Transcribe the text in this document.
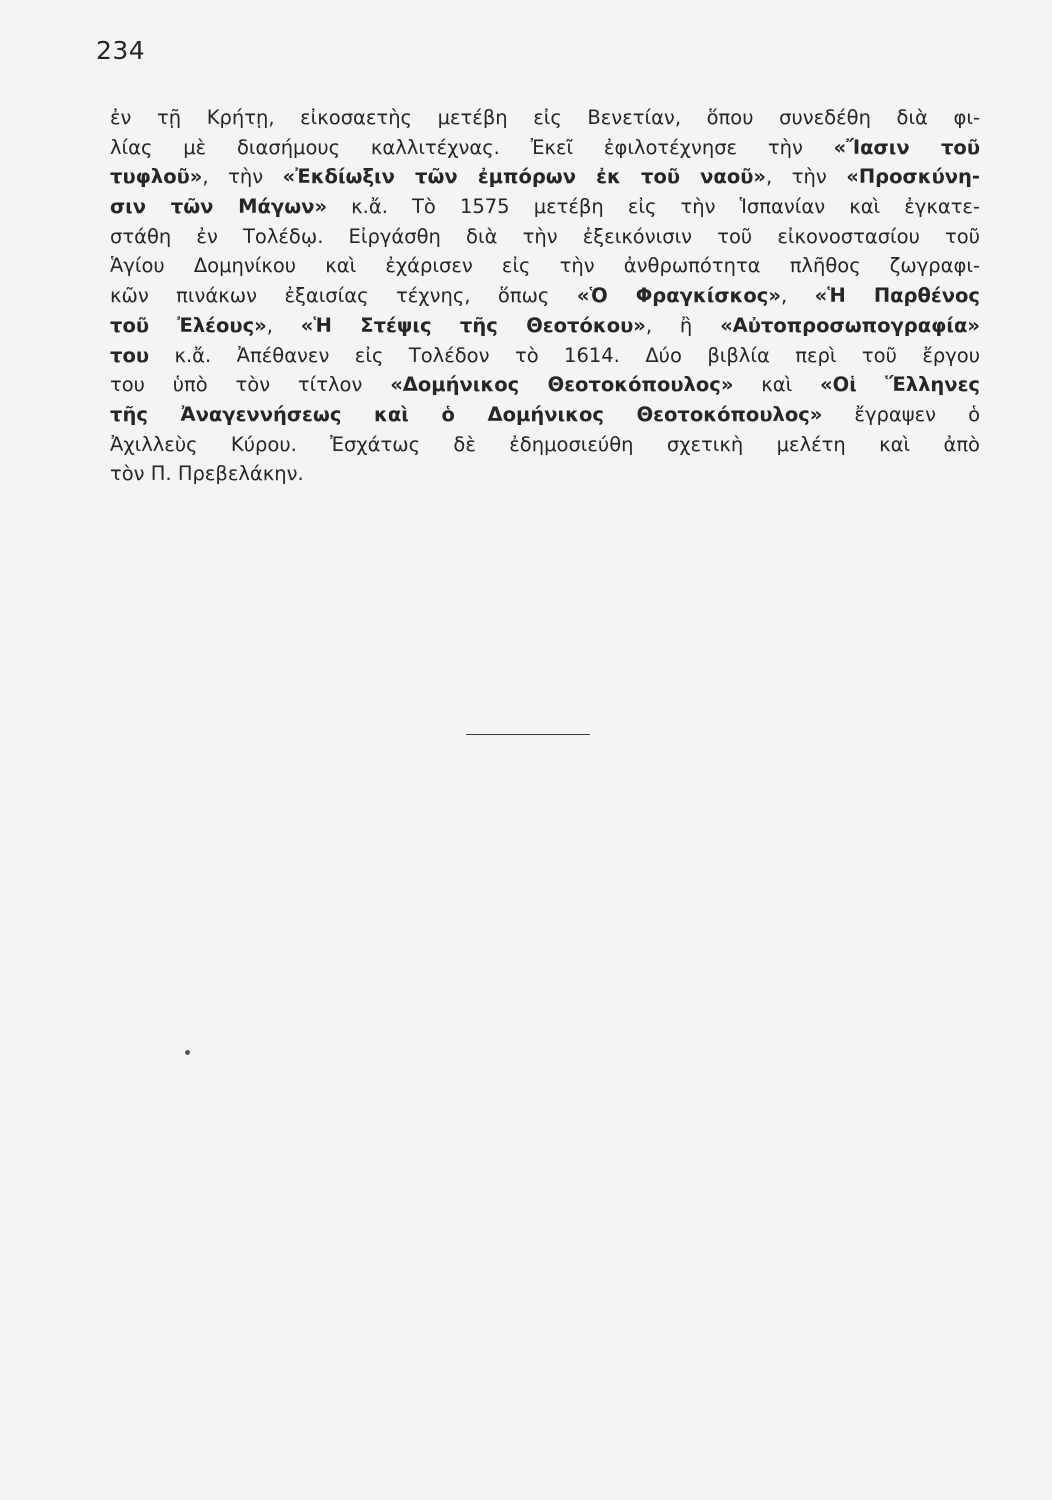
234
ἐν τῇ Κρήτῃ, εἰκοσαετὴς μετέβη εἰς Βενετίαν, ὅπου συνεδέθη διὰ φι-
λίας μὲ διασήμους καλλιτέχνας. Ἐκεῖ ἐφιλοτέχνησε τὴν «Ἴασιν τοῦ
τυφλοῦ», τὴν «Ἐκδίωξιν τῶν ἐμπόρων ἐκ τοῦ ναοῦ», τὴν «Προσκύνη-
σιν τῶν Μάγων» κ.ἄ. Τὸ 1575 μετέβη εἰς τὴν Ἱσπανίαν καὶ ἐγκατε-
στάθη ἐν Τολέδῳ. Εἰργάσθη διὰ τὴν ἐξεικόνισιν τοῦ εἰκονοστασίου τοῦ
Ἁγίου Δομηνίκου καὶ ἐχάρισεν εἰς τὴν ἀνθρωπότητα πλῆθος ζωγραφι-
κῶν πινάκων ἐξαισίας τέχνης, ὅπως «Ὁ Φραγκίσκος», «Ἡ Παρθένος
τοῦ Ἐλέους», «Ἡ Στέψις τῆς Θεοτόκου», ἢ «Αὐτοπροσωπογραφία»
του κ.ἄ. Ἀπέθανεν εἰς Τολέδον τὸ 1614. Δύο βιβλία περὶ τοῦ ἔργου
του ὑπὸ τὸν τίτλον «Δομήνικος Θεοτοκόπουλος» καὶ «Οἱ Ἕλληνες
τῆς Ἀναγεννήσεως καὶ ὁ Δομήνικος Θεοτοκόπουλος» ἔγραψεν ὁ
Ἀχιλλεὺς Κύρου. Ἐσχάτως δὲ ἐδημοσιεύθη σχετικὴ μελέτη καὶ ἀπὸ
τὸν Π. Πρεβελάκην.
